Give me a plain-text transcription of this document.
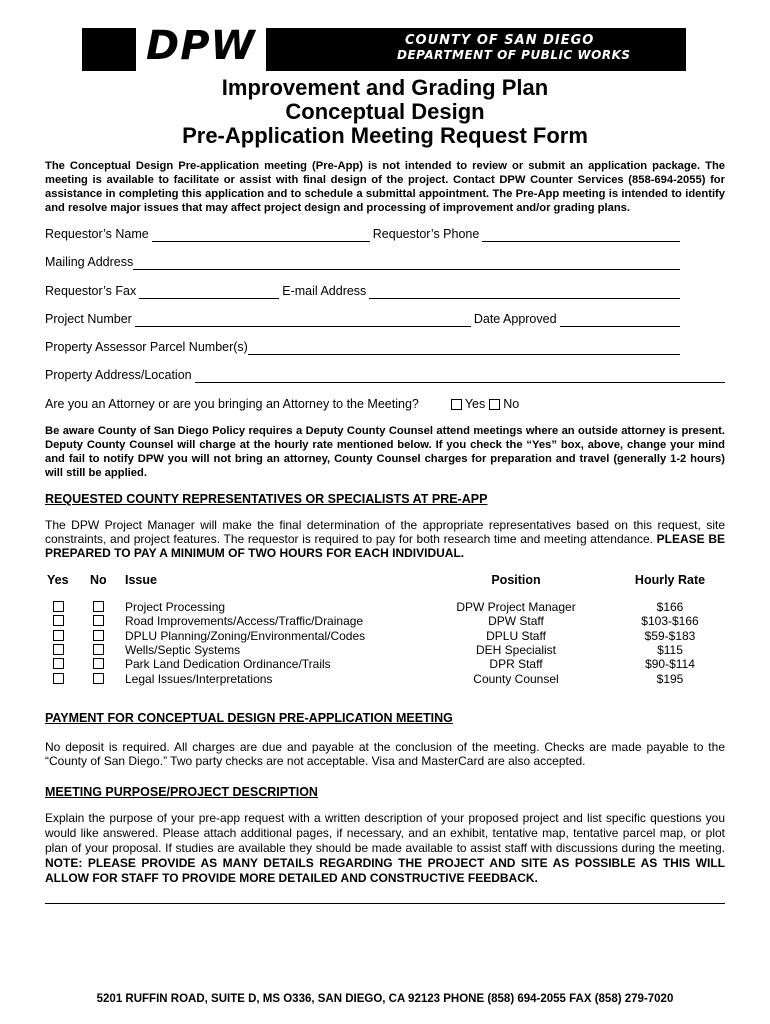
DPW	COUNTY OF SAN DIEGO
DEPARTMENT OF PUBLIC WORKS
Improvement and Grading Plan
Conceptual Design
Pre-Application Meeting Request Form
The Conceptual Design Pre-application meeting (Pre-App) is not intended to review or submit an application package. The meeting is available to facilitate or assist with final design of the project. Contact DPW Counter Services (858-694-2055) for assistance in completing this application and to schedule a submittal appointment. The Pre-App meeting is intended to identify and resolve major issues that may affect project design and processing of improvement and/or grading plans.
Requestor’s Name	Requestor’s Phone
Mailing Address
Requestor’s Fax	E-mail Address
Project Number	Date Approved
Property Assessor Parcel Number(s)
Property Address/Location
Are you an Attorney or are you bringing an Attorney to the Meeting?	Yes No
Be aware County of San Diego Policy requires a Deputy County Counsel attend meetings where an outside attorney is present. Deputy County Counsel will charge at the hourly rate mentioned below. If you check the “Yes” box, above, change your mind and fail to notify DPW you will not bring an attorney, County Counsel charges for preparation and travel (generally 1-2 hours) will still be applied.
REQUESTED COUNTY REPRESENTATIVES OR SPECIALISTS AT PRE-APP
The DPW Project Manager will make the final determination of the appropriate representatives based on this request, site constraints, and project features. The requestor is required to pay for both research time and meeting attendance. PLEASE BE PREPARED TO PAY A MINIMUM OF TWO HOURS FOR EACH INDIVIDUAL.
Yes No Issue	Position	Hourly Rate
Project Processing	DPW Project Manager	$166
Road Improvements/Access/Traffic/Drainage	DPW Staff	$103-$166
DPLU Planning/Zoning/Environmental/Codes	DPLU Staff	$59-$183
Wells/Septic Systems	DEH Specialist	$115
Park Land Dedication Ordinance/Trails	DPR Staff	$90-$114
Legal Issues/Interpretations	County Counsel	$195
PAYMENT FOR CONCEPTUAL DESIGN PRE-APPLICATION MEETING
No deposit is required. All charges are due and payable at the conclusion of the meeting. Checks are made payable to the “County of San Diego.” Two party checks are not acceptable. Visa and MasterCard are also accepted.
MEETING PURPOSE/PROJECT DESCRIPTION
Explain the purpose of your pre-app request with a written description of your proposed project and list specific questions you would like answered. Please attach additional pages, if necessary, and an exhibit, tentative map, tentative parcel map, or plot plan of your proposal. If studies are available they should be made available to assist staff with discussions during the meeting. NOTE: PLEASE PROVIDE AS MANY DETAILS REGARDING THE PROJECT AND SITE AS POSSIBLE AS THIS WILL ALLOW FOR STAFF TO PROVIDE MORE DETAILED AND CONSTRUCTIVE FEEDBACK.
5201 RUFFIN ROAD, SUITE D, MS O336, SAN DIEGO, CA 92123 PHONE (858) 694-2055 FAX (858) 279-7020
